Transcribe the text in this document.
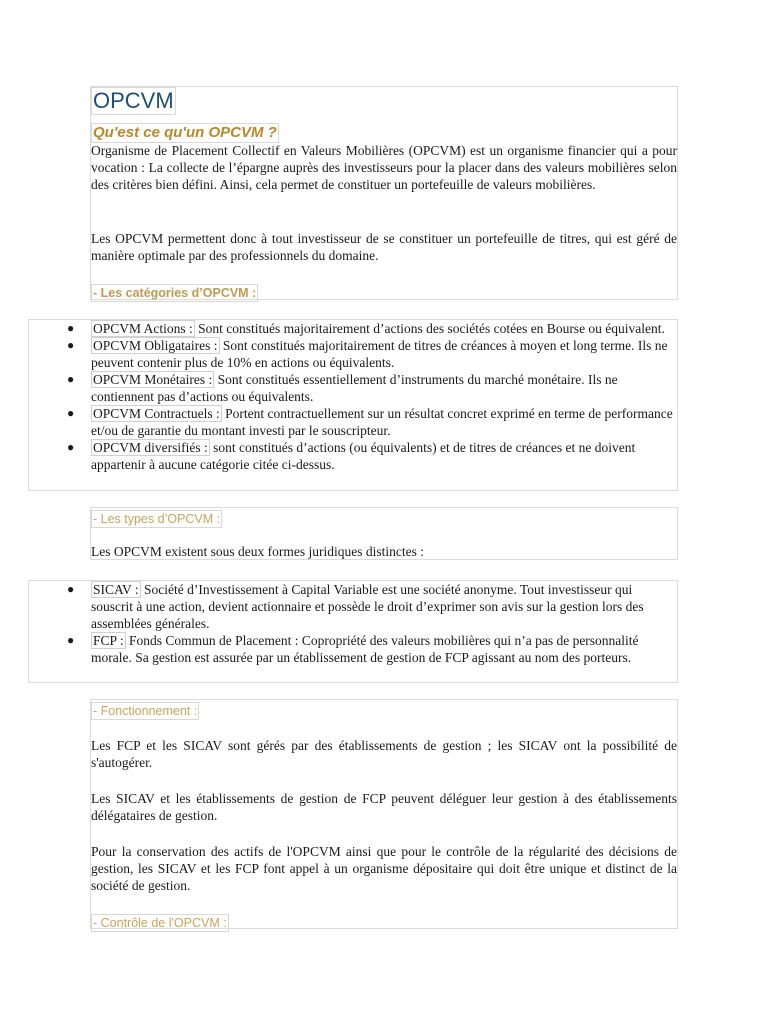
OPCVM
Qu'est ce qu'un OPCVM ?

Organisme de Placement Collectif en Valeurs Mobilières (OPCVM) est un organisme financier qui a pour vocation : La collecte de l’épargne auprès des investisseurs pour la placer dans des valeurs mobilières selon des critères bien défini. Ainsi, cela permet de constituer un portefeuille de valeurs mobilières.

Les OPCVM permettent donc à tout investisseur de se constituer un portefeuille de titres, qui est géré de manière optimale par des professionnels du domaine.

- Les catégories d’OPCVM :
● OPCVM Actions : Sont constitués majoritairement d’actions des sociétés cotées en Bourse ou équivalent.
● OPCVM Obligataires : Sont constitués majoritairement de titres de créances à moyen et long terme. Ils ne peuvent contenir plus de 10% en actions ou équivalents.
● OPCVM Monétaires : Sont constitués essentiellement d’instruments du marché monétaire. Ils ne contiennent pas d’actions ou équivalents.
● OPCVM Contractuels : Portent contractuellement sur un résultat concret exprimé en terme de performance et/ou de garantie du montant investi par le souscripteur.
● OPCVM diversifiés : sont constitués d’actions (ou équivalents) et de titres de créances et ne doivent appartenir à aucune catégorie citée ci-dessus.
- Les types d’OPCVM :
Les OPCVM existent sous deux formes juridiques distinctes :
● SICAV : Société d’Investissement à Capital Variable est une société anonyme. Tout investisseur qui souscrit à une action, devient actionnaire et possède le droit d’exprimer son avis sur la gestion lors des assemblées générales.
● FCP : Fonds Commun de Placement : Copropriété des valeurs mobilières qui n’a pas de personnalité morale. Sa gestion est assurée par un établissement de gestion de FCP agissant au nom des porteurs.
- Fonctionnement :
Les FCP et les SICAV sont gérés par des établissements de gestion ; les SICAV ont la possibilité de s'autogérer.
Les SICAV et les établissements de gestion de FCP peuvent déléguer leur gestion à des établissements délégataires de gestion.
Pour la conservation des actifs de l'OPCVM ainsi que pour le contrôle de la régularité des décisions de gestion, les SICAV et les FCP font appel à un organisme dépositaire qui doit être unique et distinct de la société de gestion.
- Contrôle de l'OPCVM :
